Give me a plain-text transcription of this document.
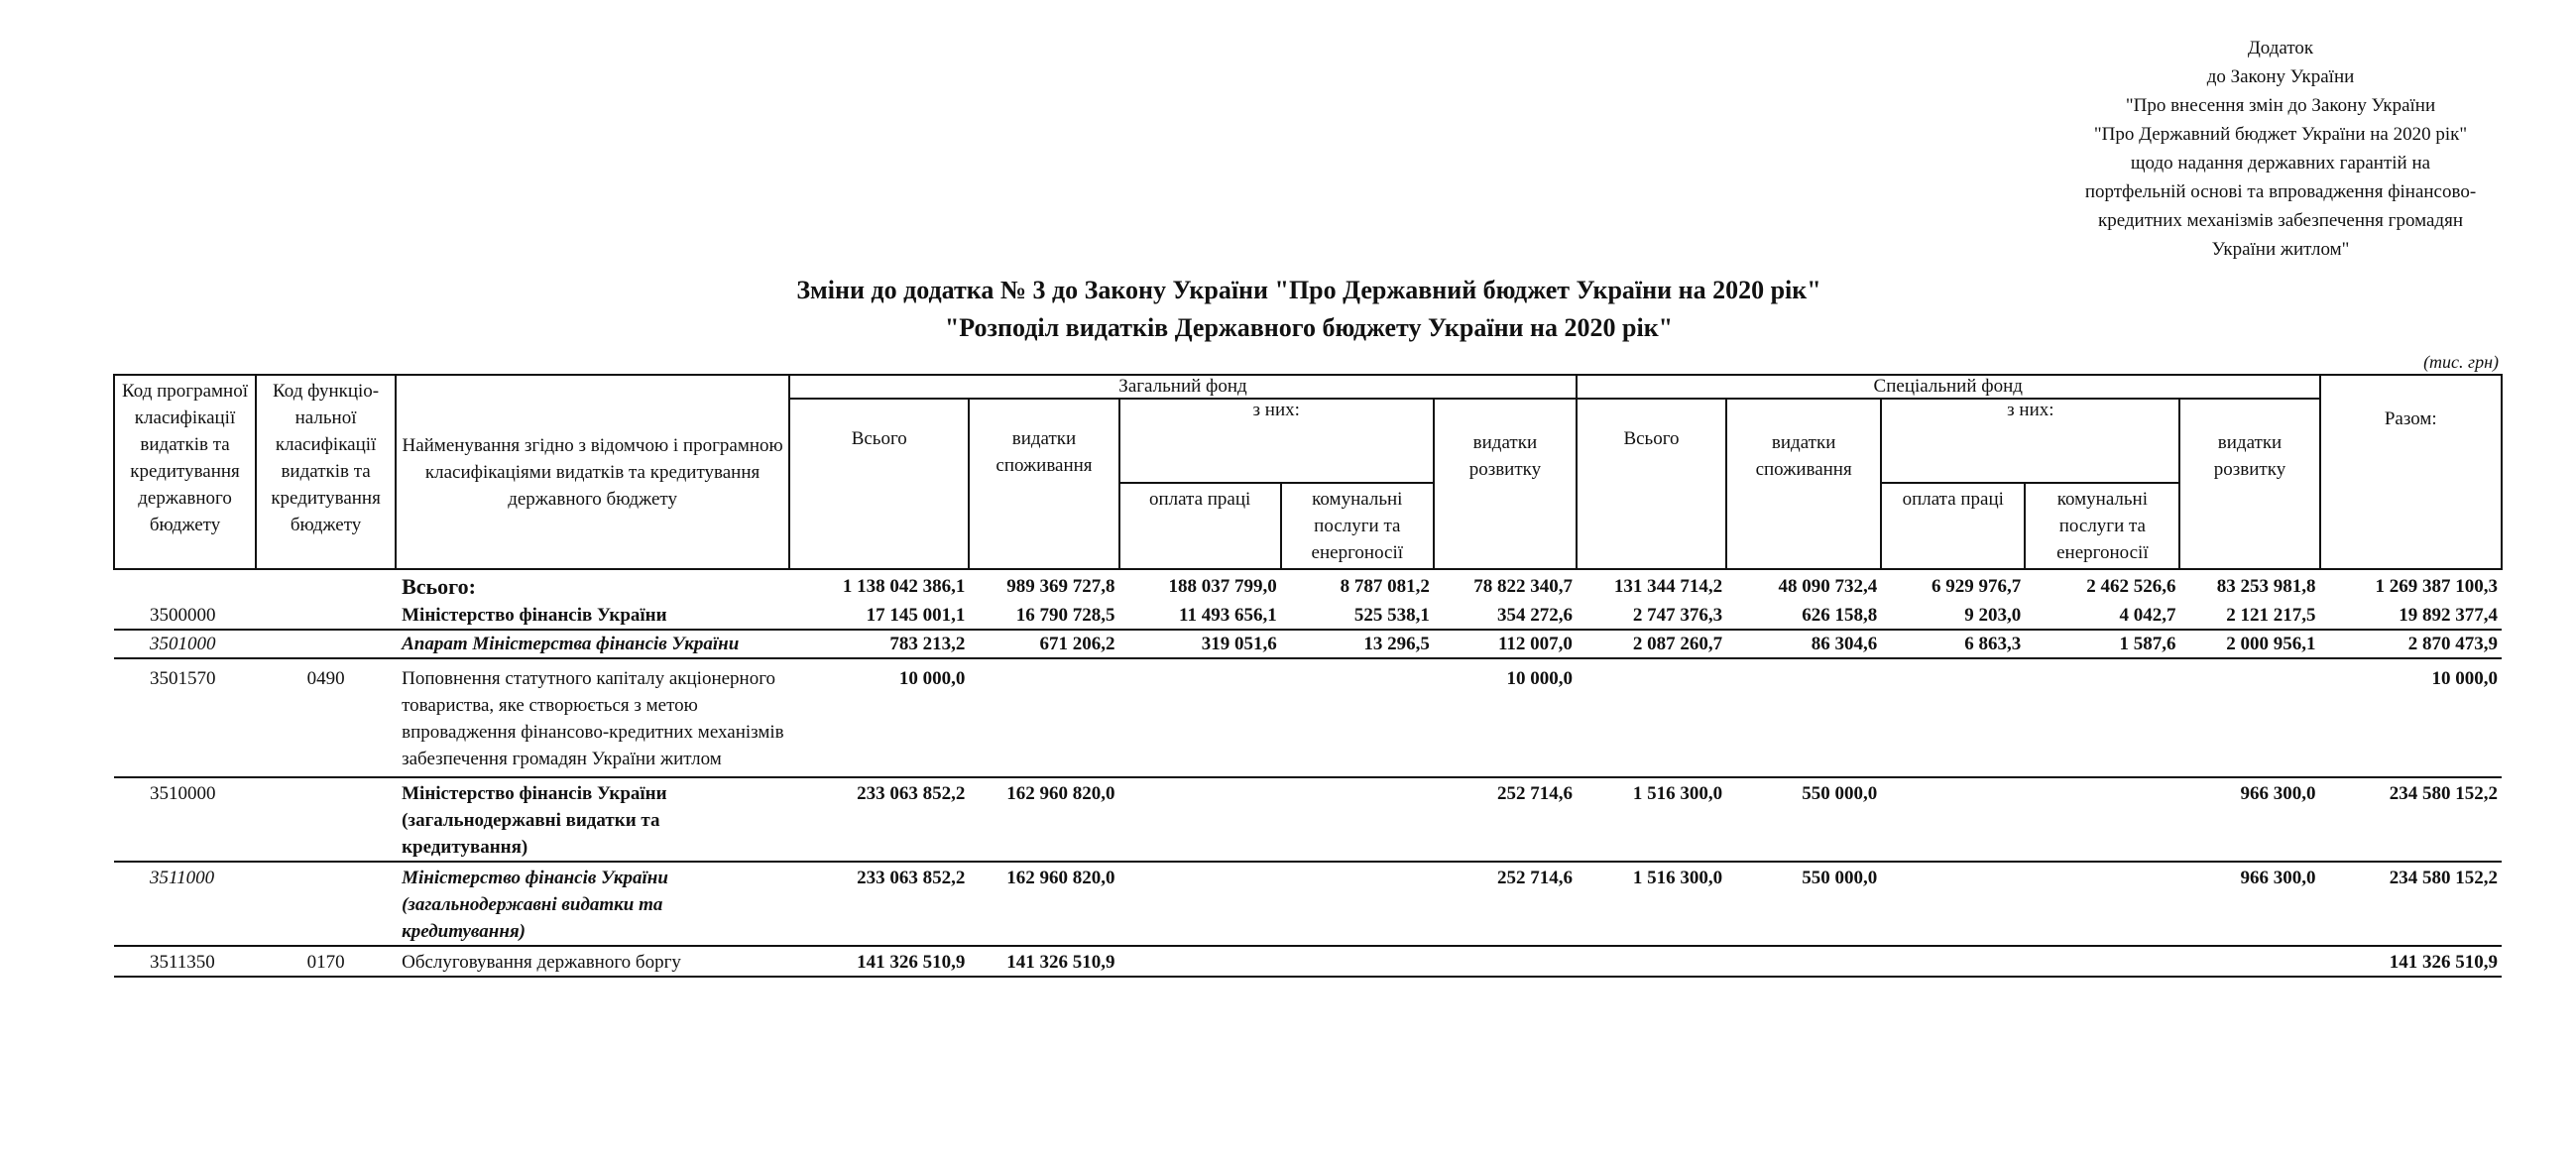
Додаток
до Закону України
"Про внесення змін до Закону України
"Про Державний бюджет України на 2020 рік"
щодо надання державних гарантій на
портфельній основі та впровадження фінансово-
кредитних механізмів забезпечення громадян
України житлом"
Зміни до додатка № 3 до Закону України "Про Державний бюджет України на 2020 рік"
"Розподіл видатків Державного бюджету України на 2020 рік"
(тис. грн)
Код програмної класифікації видатків та кредитування державного бюджету	Код функціо-нальної класифікації видатків та кредитування бюджету	Найменування згідно з відомчою і програмною класифікаціями видатків та кредитування державного бюджету	Загальний фонд					Спеціальний фонд					Разом:
			Всього	видатки споживання	з них:		видатки розвитку	Всього	видатки споживання	з них:		видатки розвитку	
					оплата праці	комунальні послуги та енергоносії				оплата праці	комунальні послуги та енергоносії		
		Всього:	1 138 042 386,1	989 369 727,8	188 037 799,0	8 787 081,2	78 822 340,7	131 344 714,2	48 090 732,4	6 929 976,7	2 462 526,6	83 253 981,8	1 269 387 100,3
3500000		Міністерство фінансів України	17 145 001,1	16 790 728,5	11 493 656,1	525 538,1	354 272,6	2 747 376,3	626 158,8	9 203,0	4 042,7	2 121 217,5	19 892 377,4
3501000		Апарат Міністерства фінансів України	783 213,2	671 206,2	319 051,6	13 296,5	112 007,0	2 087 260,7	86 304,6	6 863,3	1 587,6	2 000 956,1	2 870 473,9
3501570	0490	Поповнення статутного капіталу акціонерного товариства, яке створюється з метою впровадження фінансово-кредитних механізмів забезпечення громадян України житлом	10 000,0				10 000,0						10 000,0
3510000		Міністерство фінансів України (загальнодержавні видатки та кредитування)	233 063 852,2	162 960 820,0			252 714,6	1 516 300,0	550 000,0			966 300,0	234 580 152,2
3511000		Міністерство фінансів України (загальнодержавні видатки та кредитування)	233 063 852,2	162 960 820,0			252 714,6	1 516 300,0	550 000,0			966 300,0	234 580 152,2
3511350	0170	Обслуговування державного боргу	141 326 510,9	141 326 510,9									141 326 510,9
